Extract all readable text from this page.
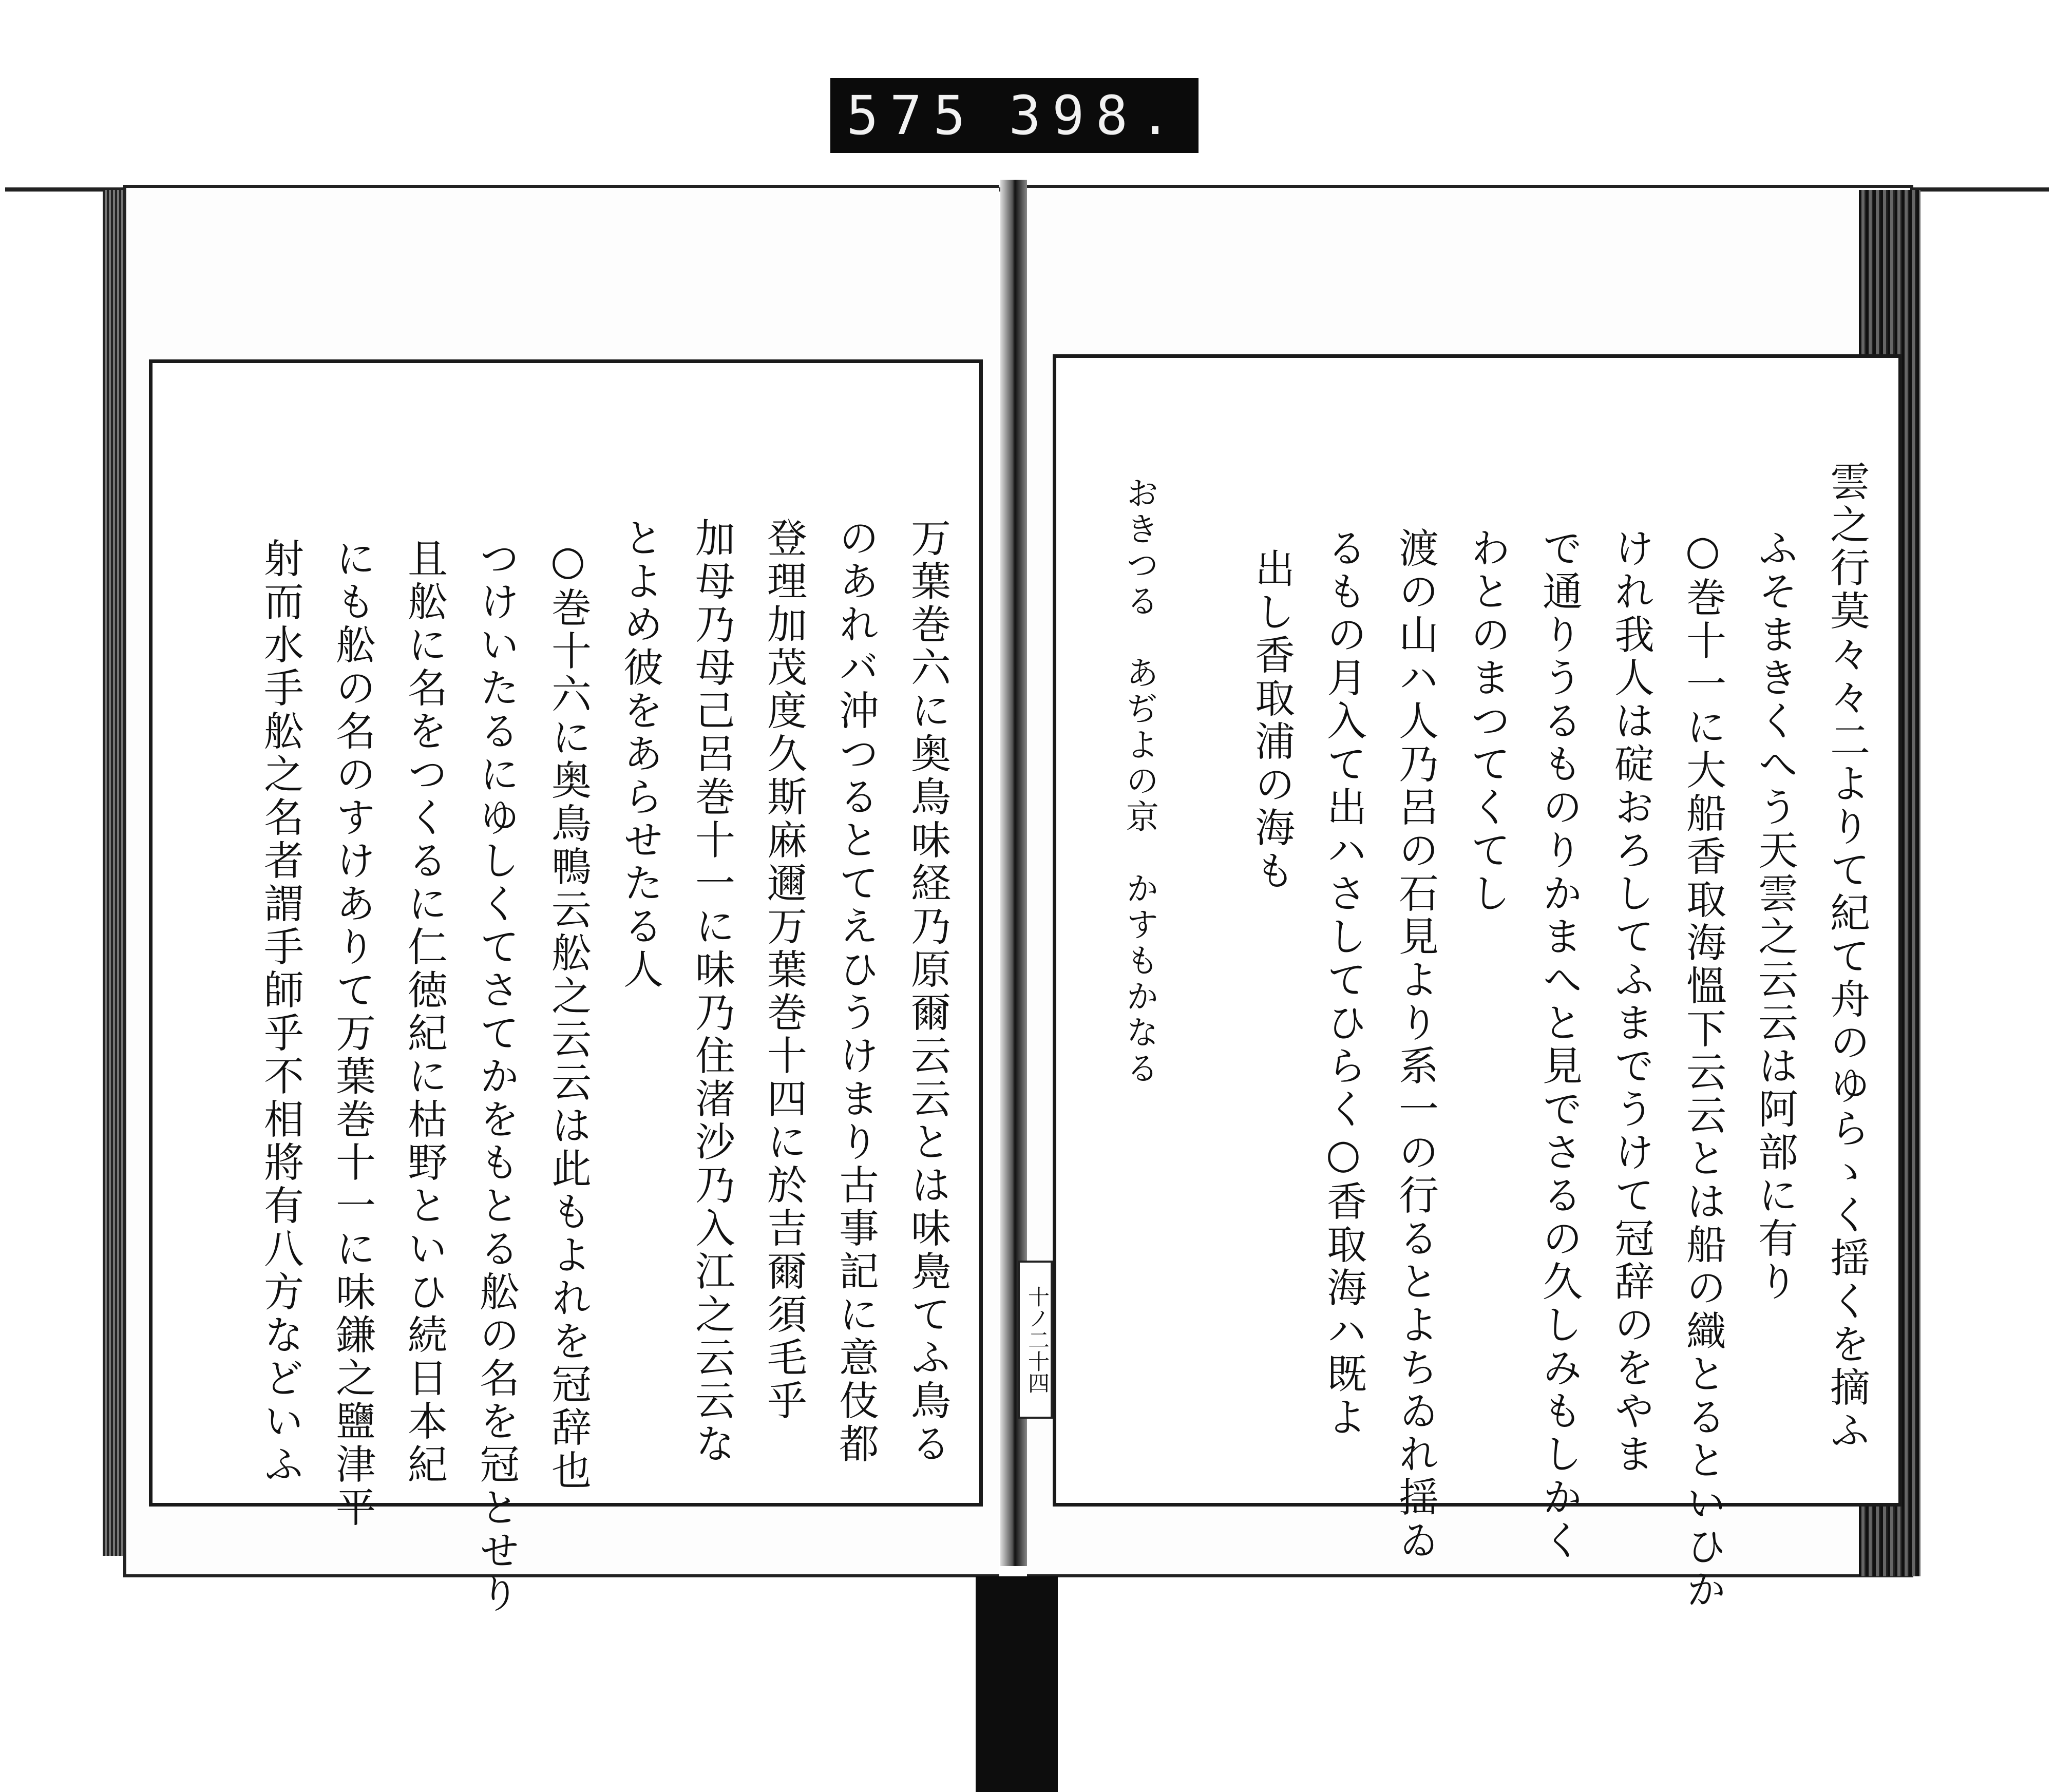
575 398.
万葉巻六に奥鳥味経乃原爾云云とは味鳧てふ鳥る
のあれバ沖つるとてえひうけまり古事記に意伎都
登理加茂度久斯麻邇万葉巻十四に於吉爾須毛乎
加母乃母己呂巻十一に味乃住渚沙乃入江之云云な
とよめ彼をあらせたる人
○巻十六に奥鳥鴨云舩之云云は此もよれを冠辞也
つけいたるにゆしくてさてかをもとる舩の名を冠とせり
且舩に名をつくるに仁徳紀に枯野といひ続日本紀
にも舩の名のすけありて万葉巻十一に味鎌之鹽津平
射而水手舩之名者謂手師乎不相將有八方などいふ	雲之行莫々々二よりて紀て舟のゆらゝく揺くを摘ふ
ふそまきくへう天雲之云云は阿部に有り
○巻十一に大船香取海慍下云云とは船の織とるといひか
けれ我人は碇おろしてふまでうけて冠辞のをやま
で通りうるものりかまへと見でさるの久しみもしかく
わとのまつてくてし
渡の山ハ人乃呂の石見より系一の行るとよちゐれ揺ゐ
るもの月入て出ハさしてひらく○香取海ハ既よ
出し香取浦の海も
おきつる　あぢよの京　かすもかなる
十ノ二十四
